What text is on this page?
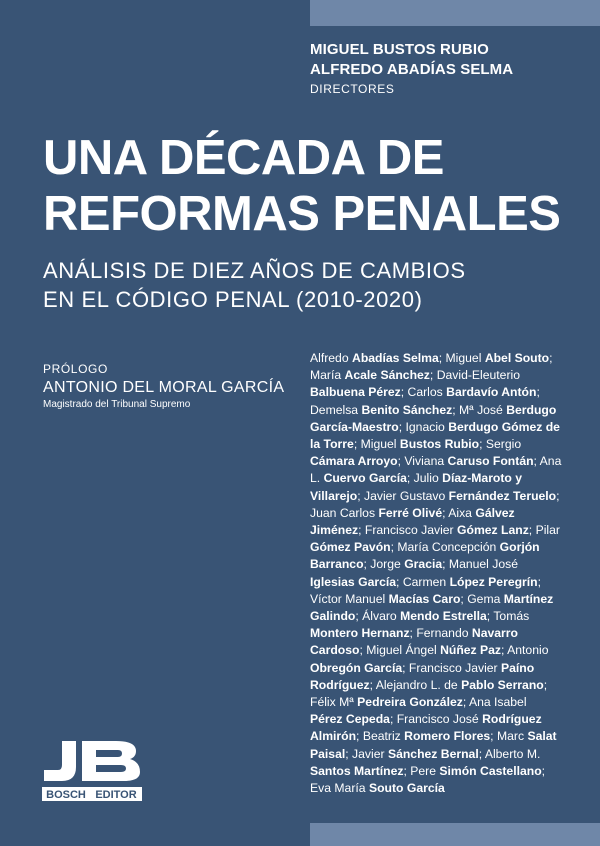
MIGUEL BUSTOS RUBIO
ALFREDO ABADÍAS SELMA
DIRECTORES
UNA DÉCADA DE
REFORMAS PENALES
ANÁLISIS DE DIEZ AÑOS DE CAMBIOS
EN EL CÓDIGO PENAL (2010-2020)
PRÓLOGO
ANTONIO DEL MORAL GARCÍA
Magistrado del Tribunal Supremo
Alfredo Abadías Selma; Miguel Abel Souto; María Acale Sánchez; David-Eleuterio Balbuena Pérez; Carlos Bardavío Antón; Demelsa Benito Sánchez; Mª José Berdugo García-Maestro; Ignacio Berdugo Gómez de la Torre; Miguel Bustos Rubio; Sergio Cámara Arroyo; Viviana Caruso Fontán; Ana L. Cuervo García; Julio Díaz-Maroto y Villarejo; Javier Gustavo Fernández Teruelo; Juan Carlos Ferré Olivé; Aixa Gálvez Jiménez; Francisco Javier Gómez Lanz; Pilar Gómez Pavón; María Concepción Gorjón Barranco; Jorge Gracia; Manuel José Iglesias García; Carmen López Peregrín; Víctor Manuel Macías Caro; Gema Martínez Galindo; Álvaro Mendo Estrella; Tomás Montero Hernanz; Fernando Navarro Cardoso; Miguel Ángel Núñez Paz; Antonio Obregón García; Francisco Javier Paíno Rodríguez; Alejandro L. de Pablo Serrano; Félix Mª Pedreira González; Ana Isabel Pérez Cepeda; Francisco José Rodríguez Almirón; Beatriz Romero Flores; Marc Salat Paisal; Javier Sánchez Bernal; Alberto M. Santos Martínez; Pere Simón Castellano; Eva María Souto García
BOSCH EDITOR
